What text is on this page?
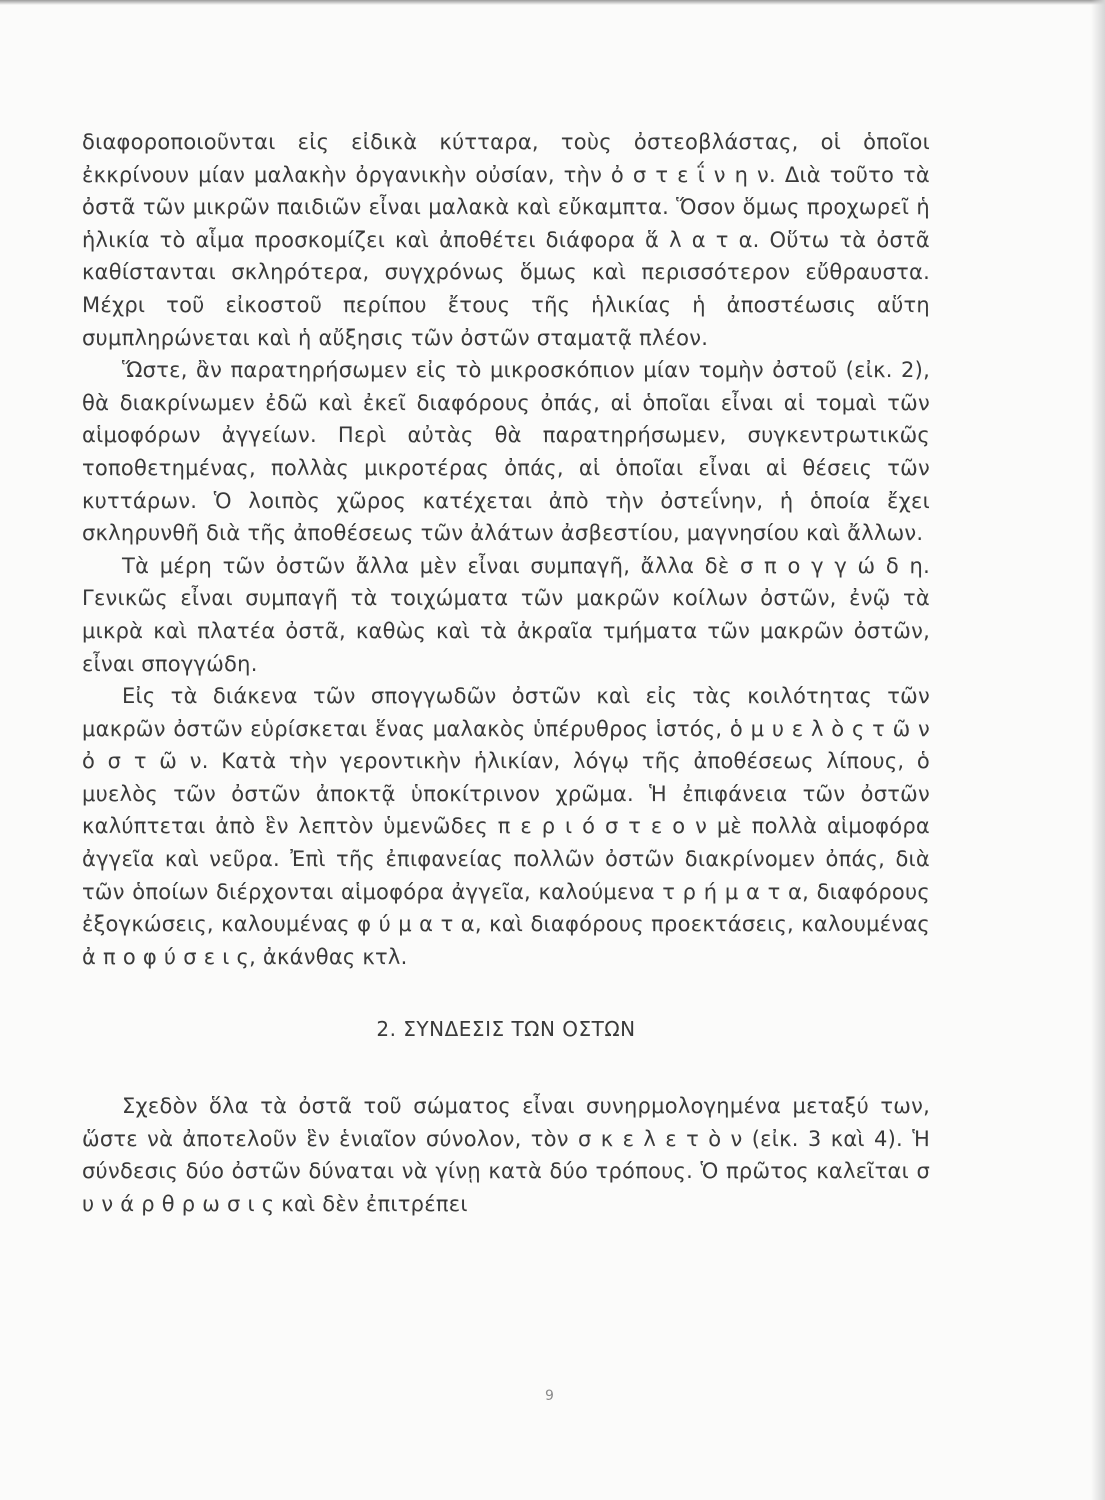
διαφοροποιοῦνται εἰς εἰδικὰ κύτταρα, τοὺς ὀστεοβλάστας, οἱ ὁποῖοι ἐκκρίνουν μίαν μαλακὴν ὀργανικὴν οὐσίαν, τὴν ὀ σ τ ε ΐ ν η ν. Διὰ τοῦτο τὰ ὀστᾶ τῶν μικρῶν παιδιῶν εἶναι μαλακὰ καὶ εὔκαμπτα. Ὅσον ὅμως προχωρεῖ ἡ ἡλικία τὸ αἷμα προσκομίζει καὶ ἀποθέτει διάφορα ἅ λ α τ α. Οὕτω τὰ ὀστᾶ καθίστανται σκληρότερα, συγχρόνως ὅμως καὶ περισσότερον εὔθραυστα. Μέχρι τοῦ εἰκοστοῦ περίπου ἔτους τῆς ἡλικίας ἡ ἀποστέωσις αὕτη συμπληρώνεται καὶ ἡ αὔξησις τῶν ὀστῶν σταματᾷ πλέον.

Ὥστε, ἂν παρατηρήσωμεν εἰς τὸ μικροσκόπιον μίαν τομὴν ὀστοῦ (εἰκ. 2), θὰ διακρίνωμεν ἐδῶ καὶ ἐκεῖ διαφόρους ὀπάς, αἱ ὁποῖαι εἶναι αἱ τομαὶ τῶν αἱμοφόρων ἀγγείων. Περὶ αὐτὰς θὰ παρατηρήσωμεν, συγκεντρωτικῶς τοποθετημένας, πολλὰς μικροτέρας ὀπάς, αἱ ὁποῖαι εἶναι αἱ θέσεις τῶν κυττάρων. Ὁ λοιπὸς χῶρος κατέχεται ἀπὸ τὴν ὀστεΐνην, ἡ ὁποία ἔχει σκληρυνθῆ διὰ τῆς ἀποθέσεως τῶν ἀλάτων ἀσβεστίου, μαγνησίου καὶ ἄλλων.

Τὰ μέρη τῶν ὀστῶν ἄλλα μὲν εἶναι συμπαγῆ, ἄλλα δὲ σ π ο γ γ ώ δ η. Γενικῶς εἶναι συμπαγῆ τὰ τοιχώματα τῶν μακρῶν κοίλων ὀστῶν, ἐνῷ τὰ μικρὰ καὶ πλατέα ὀστᾶ, καθὼς καὶ τὰ ἀκραῖα τμήματα τῶν μακρῶν ὀστῶν, εἶναι σπογγώδη.

Εἰς τὰ διάκενα τῶν σπογγωδῶν ὀστῶν καὶ εἰς τὰς κοιλότητας τῶν μακρῶν ὀστῶν εὑρίσκεται ἕνας μαλακὸς ὑπέρυθρος ἱστός, ὁ μ υ ε λ ὸ ς τ ῶ ν ὀ σ τ ῶ ν. Κατὰ τὴν γεροντικὴν ἡλικίαν, λόγῳ τῆς ἀποθέσεως λίπους, ὁ μυελὸς τῶν ὀστῶν ἀποκτᾷ ὑποκίτρινον χρῶμα. Ἡ ἐπιφάνεια τῶν ὀστῶν καλύπτεται ἀπὸ ἓν λεπτὸν ὑμενῶδες π ε ρ ι ό σ τ ε ο ν μὲ πολλὰ αἱμοφόρα ἀγγεῖα καὶ νεῦρα. Ἐπὶ τῆς ἐπιφανείας πολλῶν ὀστῶν διακρίνομεν ὀπάς, διὰ τῶν ὁποίων διέρχονται αἱμοφόρα ἀγγεῖα, καλούμενα τ ρ ή μ α τ α, διαφόρους ἐξογκώσεις, καλουμένας φ ύ μ α τ α, καὶ διαφόρους προεκτάσεις, καλουμένας ἀ π ο φ ύ σ ε ι ς, ἀκάνθας κτλ.

2. ΣΥΝΔΕΣΙΣ ΤΩΝ ΟΣΤΩΝ

Σχεδὸν ὅλα τὰ ὀστᾶ τοῦ σώματος εἶναι συνηρμολογημένα μεταξύ των, ὥστε νὰ ἀποτελοῦν ἓν ἑνιαῖον σύνολον, τὸν σ κ ε λ ε τ ὸ ν (εἰκ. 3 καὶ 4). Ἡ σύνδεσις δύο ὀστῶν δύναται νὰ γίνῃ κατὰ δύο τρόπους. Ὁ πρῶτος καλεῖται σ υ ν ά ρ θ ρ ω σ ι ς καὶ δὲν ἐπιτρέπει

9
